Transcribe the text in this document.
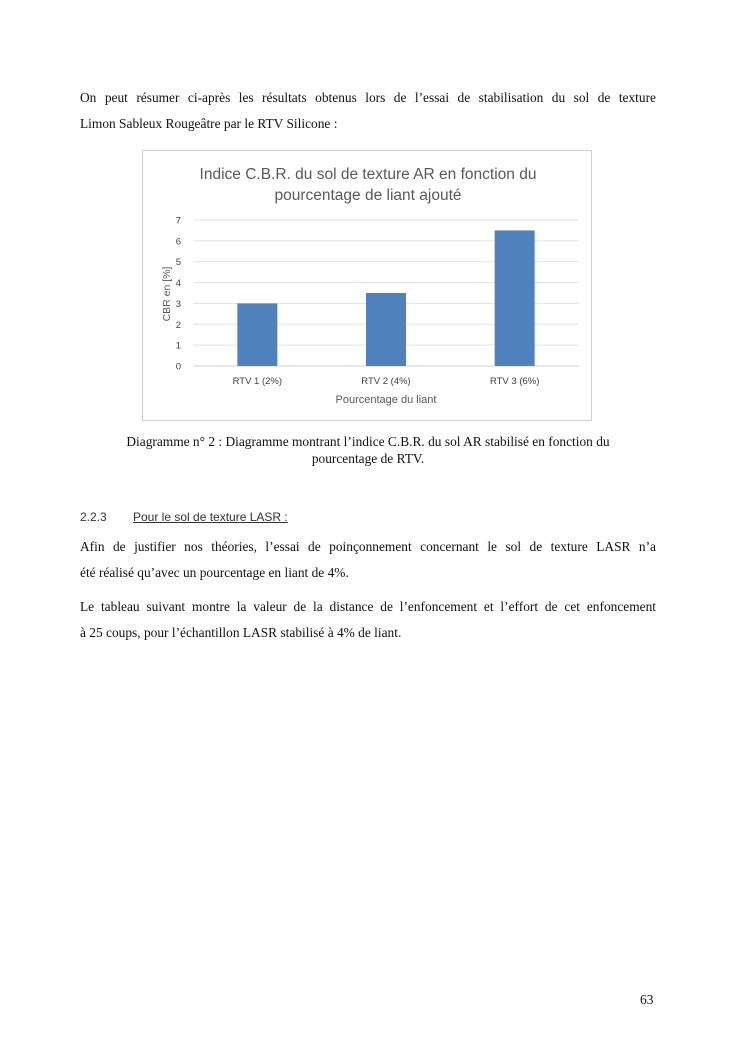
On peut résumer ci-après les résultats obtenus lors de l’essai de stabilisation du sol de texture
Limon Sableux Rougeâtre par le RTV Silicone :

Indice C.B.R. du sol de texture AR en fonction du
pourcentage de liant ajouté
0
1
2
3
4
5
6
7
RTV 1 (2%)	RTV 2 (4%)	RTV 3 (6%)
CBR en [%]
Pourcentage du liant
Diagramme n° 2 : Diagramme montrant l’indice C.B.R. du sol AR stabilisé en fonction du
pourcentage de RTV.
2.2.3 Pour le sol de texture LASR :

Afin de justifier nos théories, l’essai de poinçonnement concernant le sol de texture LASR n’a
été réalisé qu’avec un pourcentage en liant de 4%.

Le tableau suivant montre la valeur de la distance de l’enfoncement et l’effort de cet enfoncement
à 25 coups, pour l’échantillon LASR stabilisé à 4% de liant.

63
